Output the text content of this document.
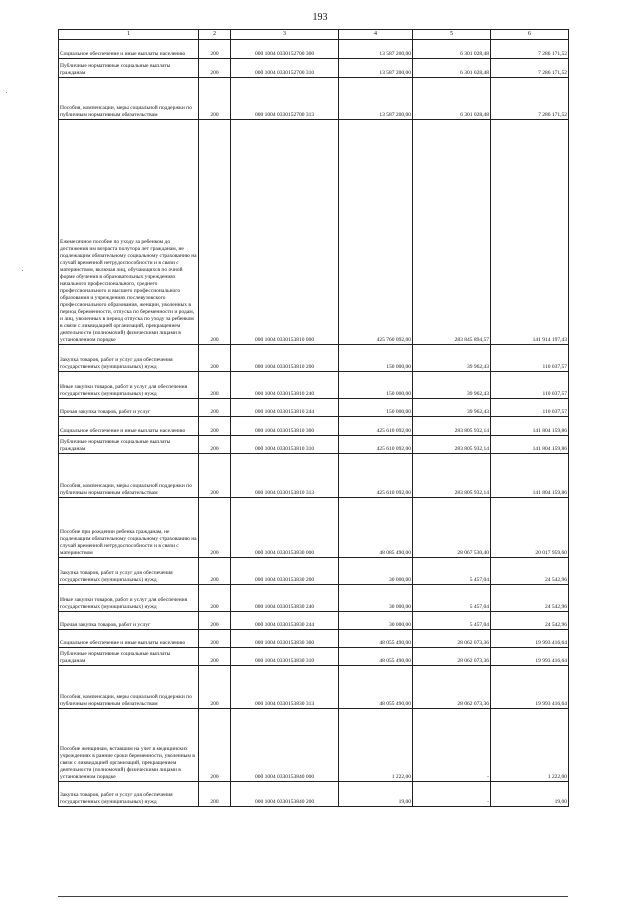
193
1	2	3	4	5	6
Социальное обеспечение и иные выплаты населению	200	000 1004 0330152700 300	13 587 200,00	6 301 028,48	7 286 171,52
Публичные нормативные социальные выплаты гражданам	200	000 1004 0330152700 310	13 587 200,00	6 301 028,48	7 286 171,52
Пособия, компенсации, меры социальной поддержки по публичным нормативным обязательствам	200	000 1004 0330152700 313	13 587 200,00	6 301 028,48	7 286 171,52
Ежемесячное пособие по уходу за ребенком до достижения им возраста полутора лет гражданам, не подлежащим обязательному социальному страхованию на случай временной нетрудоспособности и в связи с материнством, включая лиц, обучающихся по очной форме обучения в образовательных учреждениях начального профессионального, среднего профессионального и высшего профессионального образования и учреждениях послевузовского профессионального образования, женщин, уволенных в период беременности, отпуска по беременности и родам, и лиц, уволенных в период отпуска по уходу за ребенком в связи с ликвидацией организаций, прекращением деятельности (полномочий) физическими лицами в установленном порядке	200	000 1004 0330153810 000	425 760 092,00	283 845 894,57	141 914 197,43
Закупка товаров, работ и услуг для обеспечения государственных (муниципальных) нужд	200	000 1004 0330153810 200	150 000,00	39 962,43	110 037,57
Иные закупки товаров, работ и услуг для обеспечения государственных (муниципальных) нужд	200	000 1004 0330153810 240	150 000,00	39 962,43	110 037,57
Прочая закупка товаров, работ и услуг	200	000 1004 0330153810 244	150 000,00	39 962,43	110 037,57
Социальное обеспечение и иные выплаты населению	200	000 1004 0330153810 300	425 610 092,00	283 805 932,14	141 804 159,86
Публичные нормативные социальные выплаты гражданам	200	000 1004 0330153810 310	425 610 092,00	283 805 932,14	141 804 159,86
Пособия, компенсации, меры социальной поддержки по публичным нормативным обязательствам	200	000 1004 0330153810 313	425 610 092,00	283 805 932,14	141 804 159,86
Пособие при рождении ребенка гражданам, не подлежащим обязательному социальному страхованию на случай временной нетрудоспособности и в связи с материнством	200	000 1004 0330153830 000	48 085 490,00	28 067 530,40	20 017 959,60
Закупка товаров, работ и услуг для обеспечения государственных (муниципальных) нужд	200	000 1004 0330153830 200	30 000,00	5 457,04	24 542,96
Иные закупки товаров, работ и услуг для обеспечения государственных (муниципальных) нужд	200	000 1004 0330153830 240	30 000,00	5 457,04	24 542,96
Прочая закупка товаров, работ и услуг	200	000 1004 0330153830 244	30 000,00	5 457,04	24 542,96
Социальное обеспечение и иные выплаты населению	200	000 1004 0330153830 300	48 055 490,00	28 062 073,36	19 993 416,64
Публичные нормативные социальные выплаты гражданам	200	000 1004 0330153830 310	48 055 490,00	28 062 073,36	19 993 416,64
Пособия, компенсации, меры социальной поддержки по публичным нормативным обязательствам	200	000 1004 0330153830 313	48 055 490,00	28 062 073,36	19 993 416,64
Пособие женщинам, вставшим на учет в медицинских учреждениях в ранние сроки беременности, уволенным в связи с ликвидацией организаций, прекращением деятельности (полномочий) физическими лицами в установленном порядке	200	000 1004 0330153840 000	1 222,00	-	1 222,00
Закупка товаров, работ и услуг для обеспечения государственных (муниципальных) нужд	200	000 1004 0330153840 200	19,00	-	19,00
